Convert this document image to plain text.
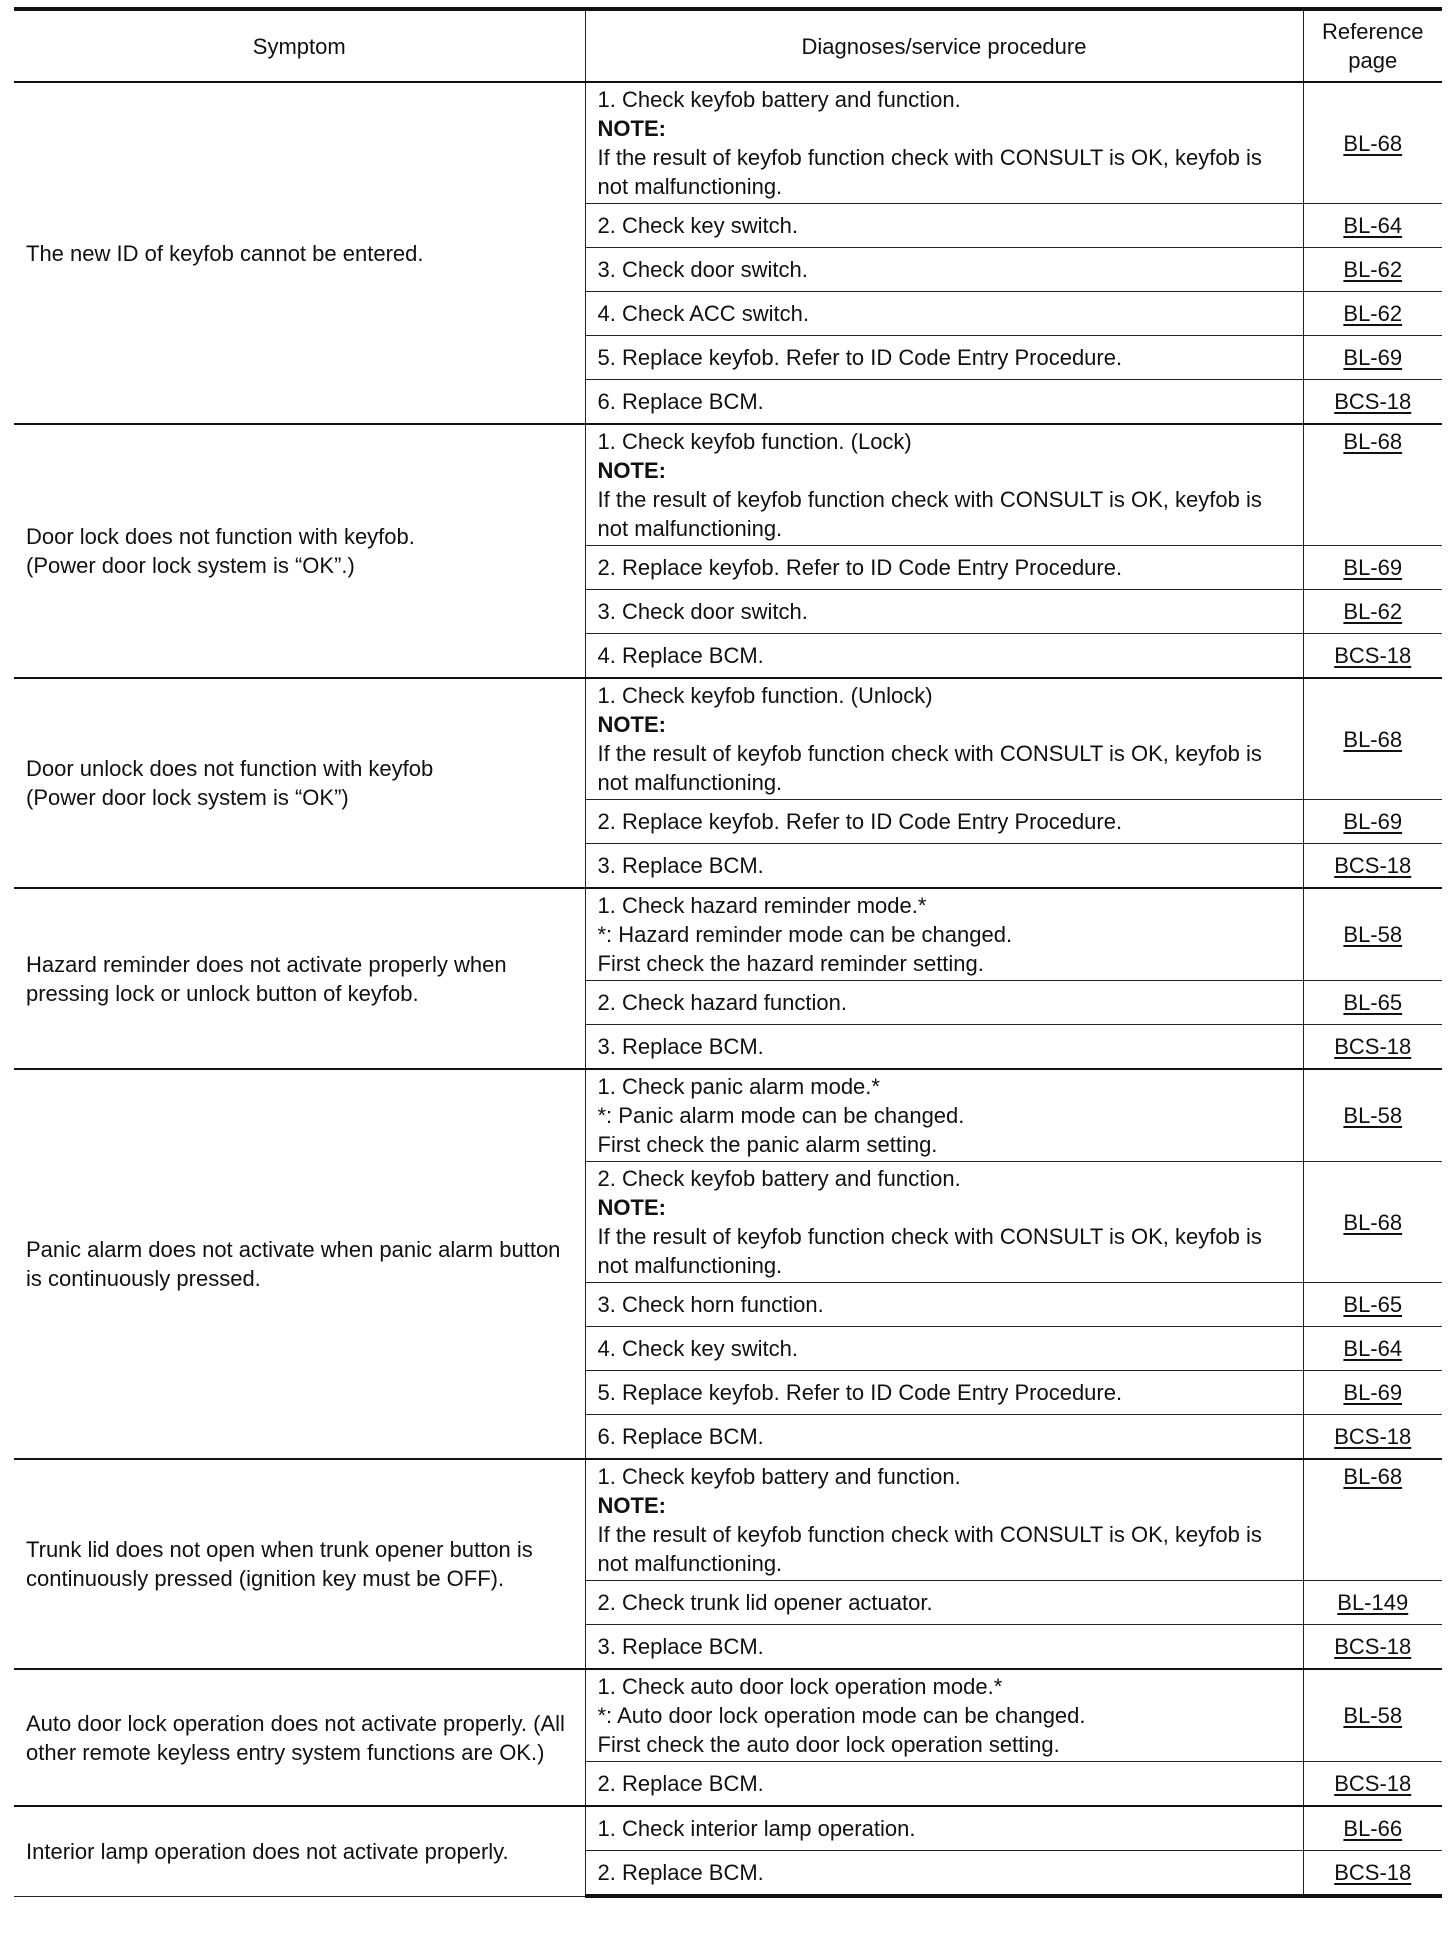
Symptom	Diagnoses/service procedure	Reference
page

The new ID of keyfob cannot be entered.	1. Check keyfob battery and function.
NOTE:
If the result of keyfob function check with CONSULT is OK, keyfob is not malfunctioning.	BL-68

	2. Check key switch.	BL-64

	3. Check door switch.	BL-62

	4. Check ACC switch.	BL-62

	5. Replace keyfob. Refer to ID Code Entry Procedure.	BL-69

	6. Replace BCM.	BCS-18

Door lock does not function with keyfob.
(Power door lock system is “OK”.)	1. Check keyfob function. (Lock)
NOTE:
If the result of keyfob function check with CONSULT is OK, keyfob is not malfunctioning.	BL-68

	2. Replace keyfob. Refer to ID Code Entry Procedure.	BL-69

	3. Check door switch.	BL-62

	4. Replace BCM.	BCS-18

Door unlock does not function with keyfob
(Power door lock system is “OK”)	1. Check keyfob function. (Unlock)
NOTE:
If the result of keyfob function check with CONSULT is OK, keyfob is not malfunctioning.	BL-68

	2. Replace keyfob. Refer to ID Code Entry Procedure.	BL-69

	3. Replace BCM.	BCS-18

Hazard reminder does not activate properly when pressing lock or unlock button of keyfob.	1. Check hazard reminder mode.*
*: Hazard reminder mode can be changed.
First check the hazard reminder setting.	BL-58

	2. Check hazard function.	BL-65

	3. Replace BCM.	BCS-18

Panic alarm does not activate when panic alarm button is continuously pressed.	1. Check panic alarm mode.*
*: Panic alarm mode can be changed.
First check the panic alarm setting.	BL-58

	2. Check keyfob battery and function.
NOTE:
If the result of keyfob function check with CONSULT is OK, keyfob is not malfunctioning.	BL-68

	3. Check horn function.	BL-65

	4. Check key switch.	BL-64

	5. Replace keyfob. Refer to ID Code Entry Procedure.	BL-69

	6. Replace BCM.	BCS-18

Trunk lid does not open when trunk opener button is continuously pressed (ignition key must be OFF).	1. Check keyfob battery and function.
NOTE:
If the result of keyfob function check with CONSULT is OK, keyfob is not malfunctioning.	BL-68

	2. Check trunk lid opener actuator.	BL-149

	3. Replace BCM.	BCS-18

Auto door lock operation does not activate properly. (All other remote keyless entry system functions are OK.)	1. Check auto door lock operation mode.*
*: Auto door lock operation mode can be changed.
First check the auto door lock operation setting.	BL-58

	2. Replace BCM.	BCS-18

Interior lamp operation does not activate properly.	1. Check interior lamp operation.	BL-66

	2. Replace BCM.	BCS-18
